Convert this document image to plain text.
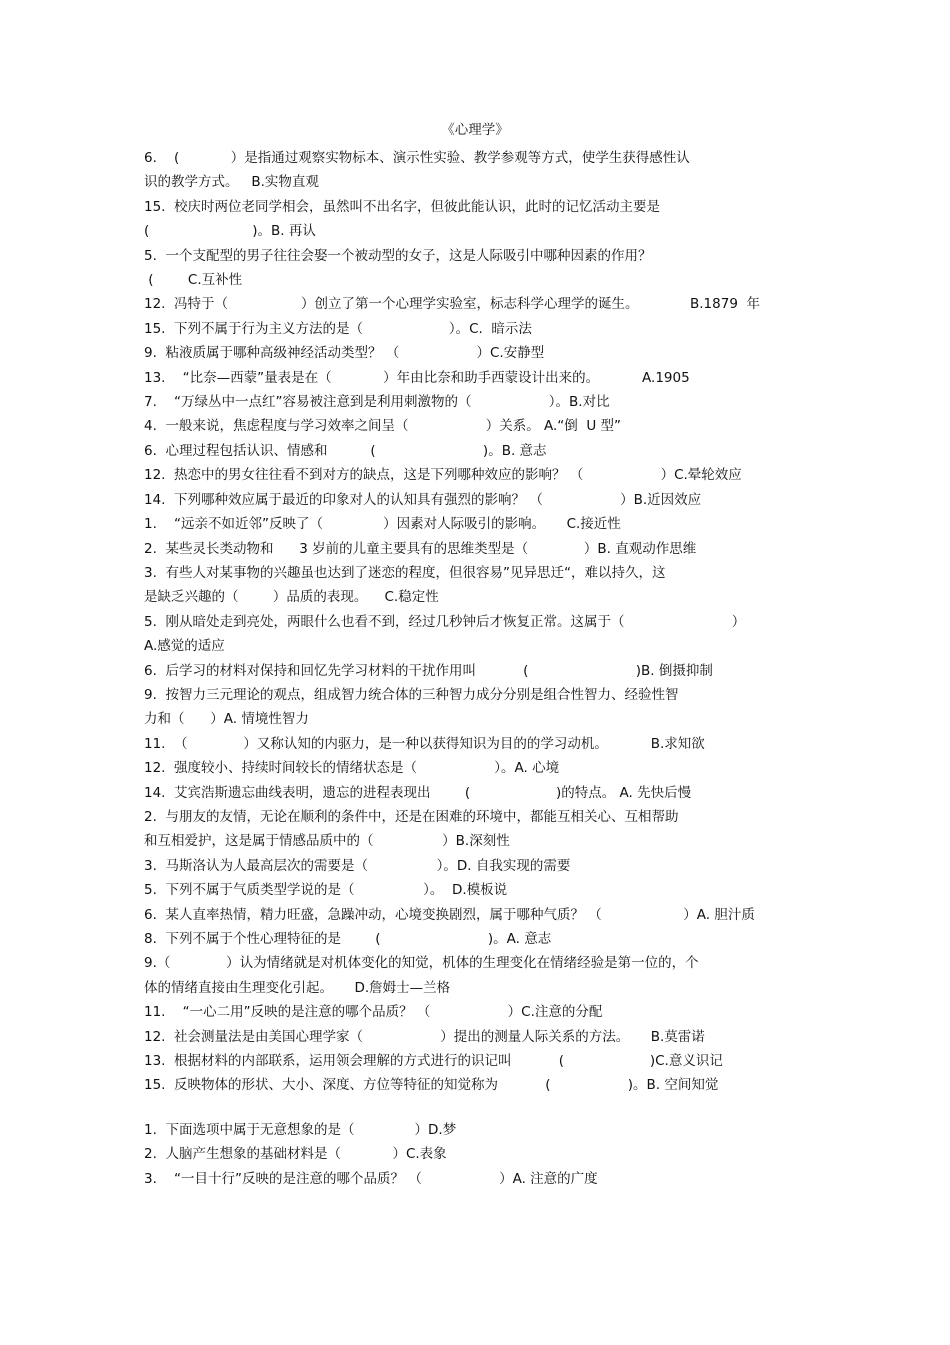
《心理学》
6.    (            ）是指通过观察实物标本、演示性实验、教学参观等方式，使学生获得感性认
识的教学方式。   B.实物直观
15.  校庆时两位老同学相会，虽然叫不出名字，但彼此能认识，此时的记忆活动主要是
(                        )。B. 再认
5.  一个支配型的男子往往会娶一个被动型的女子，这是人际吸引中哪种因素的作用？
(        C.互补性
12.  冯特于（                 ）创立了第一个心理学实验室，标志科学心理学的诞生。            B.1879  年
15.  下列不属于行为主义方法的是（                    ）。C.  暗示法
9.  粘液质属于哪种高级神经活动类型？ （                  ）C.安静型
13.    “比奈—西蒙”量表是在（            ）年由比奈和助手西蒙设计出来的。          A.1905
7.    “万绿丛中一点红”容易被注意到是利用刺激物的（                  ）。B.对比
4.  一般来说，焦虑程度与学习效率之间呈（                  ）关系。 A.“倒  U 型”
6.  心理过程包括认识、情感和          (                         )。B. 意志
12.  热恋中的男女往往看不到对方的缺点，这是下列哪种效应的影响？ （                  ）C.晕轮效应
14.  下列哪种效应属于最近的印象对人的认知具有强烈的影响？ （                  ）B.近因效应
1.    “远亲不如近邻”反映了（              ）因素对人际吸引的影响。     C.接近性
2.  某些灵长类动物和      3 岁前的儿童主要具有的思维类型是（             ）B. 直观动作思维
3.  有些人对某事物的兴趣虽也达到了迷恋的程度，但很容易”见异思迁“，难以持久，这
是缺乏兴趣的（        ）品质的表现。    C.稳定性
5.  刚从暗处走到亮处，两眼什么也看不到，经过几秒钟后才恢复正常。这属于（                         ）
A.感觉的适应
6.  后学习的材料对保持和回忆先学习材料的干扰作用叫           (                         )B. 倒摄抑制
9.  按智力三元理论的观点，组成智力统合体的三种智力成分分别是组合性智力、经验性智
力和（      ）A. 情境性智力
11.  （             ）又称认知的内驱力，是一种以获得知识为目的的学习动机。          B.求知欲
12.  强度较小、持续时间较长的情绪状态是（                  ）。A. 心境
14.  艾宾浩斯遗忘曲线表明，遗忘的进程表现出        (                    )的特点。 A. 先快后慢
2.  与朋友的友情，无论在顺利的条件中，还是在困难的环境中，都能互相关心、互相帮助
和互相爱护，这是属于情感品质中的（                ）B.深刻性
3.  马斯洛认为人最高层次的需要是（                ）。D. 自我实现的需要
5.  下列不属于气质类型学说的是（                ）。  D.模板说
6.  某人直率热情，精力旺盛，急躁冲动，心境变换剧烈，属于哪种气质？ （                   ）A. 胆汁质
8.  下列不属于个性心理特征的是        (                         )。A. 意志
9.（             ）认为情绪就是对机体变化的知觉，机体的生理变化在情绪经验是第一位的，个
体的情绪直接由生理变化引起。     D.詹姆士—兰格
11.    “一心二用”反映的是注意的哪个品质？ （                  ）C.注意的分配
12.  社会测量法是由美国心理学家（                  ）提出的测量人际关系的方法。     B.莫雷诺
13.  根据材料的内部联系，运用领会理解的方式进行的识记叫           (                    )C.意义识记
15.  反映物体的形状、大小、深度、方位等特征的知觉称为           (                  )。B. 空间知觉
1.  下面选项中属于无意想象的是（              ）D.梦
2.  人脑产生想象的基础材料是（            ）C.表象
3.    “一目十行”反映的是注意的哪个品质？ （                  ）A. 注意的广度
